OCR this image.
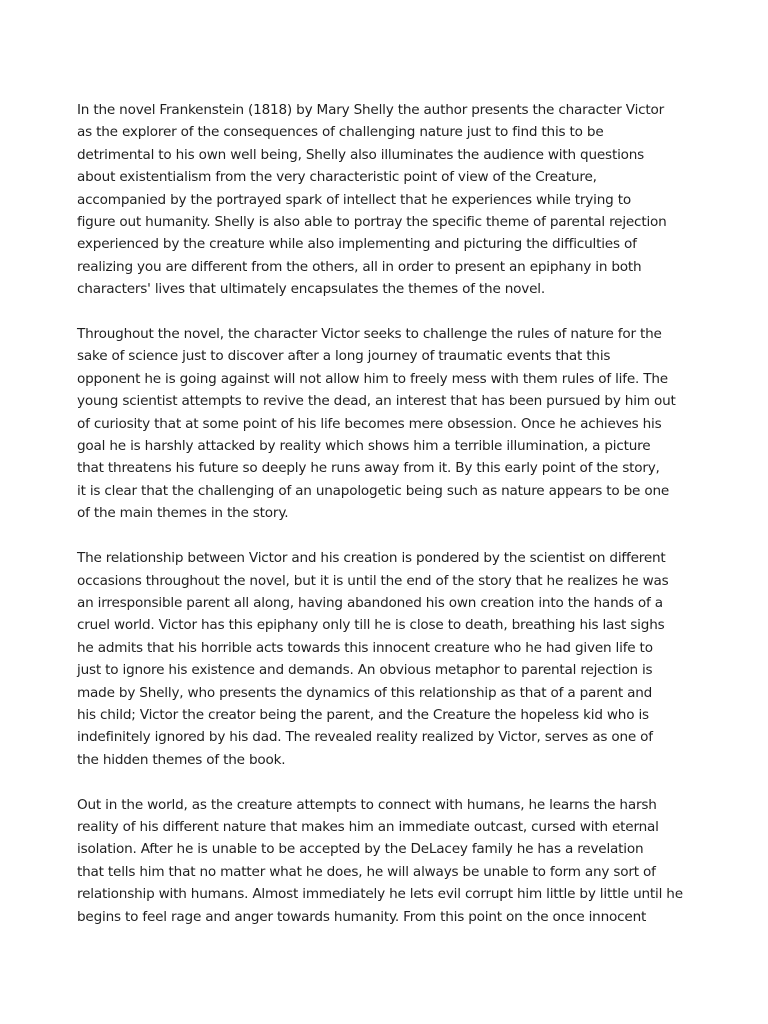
In the novel Frankenstein (1818) by Mary Shelly the author presents the character Victor
as the explorer of the consequences of challenging nature just to find this to be
detrimental to his own well being, Shelly also illuminates the audience with questions
about existentialism from the very characteristic point of view of the Creature,
accompanied by the portrayed spark of intellect that he experiences while trying to
figure out humanity. Shelly is also able to portray the specific theme of parental rejection
experienced by the creature while also implementing and picturing the difficulties of
realizing you are different from the others, all in order to present an epiphany in both
characters' lives that ultimately encapsulates the themes of the novel.

Throughout the novel, the character Victor seeks to challenge the rules of nature for the
sake of science just to discover after a long journey of traumatic events that this
opponent he is going against will not allow him to freely mess with them rules of life. The
young scientist attempts to revive the dead, an interest that has been pursued by him out
of curiosity that at some point of his life becomes mere obsession. Once he achieves his
goal he is harshly attacked by reality which shows him a terrible illumination, a picture
that threatens his future so deeply he runs away from it. By this early point of the story,
it is clear that the challenging of an unapologetic being such as nature appears to be one
of the main themes in the story.

The relationship between Victor and his creation is pondered by the scientist on different
occasions throughout the novel, but it is until the end of the story that he realizes he was
an irresponsible parent all along, having abandoned his own creation into the hands of a
cruel world. Victor has this epiphany only till he is close to death, breathing his last sighs
he admits that his horrible acts towards this innocent creature who he had given life to
just to ignore his existence and demands. An obvious metaphor to parental rejection is
made by Shelly, who presents the dynamics of this relationship as that of a parent and
his child; Victor the creator being the parent, and the Creature the hopeless kid who is
indefinitely ignored by his dad. The revealed reality realized by Victor, serves as one of
the hidden themes of the book.

Out in the world, as the creature attempts to connect with humans, he learns the harsh
reality of his different nature that makes him an immediate outcast, cursed with eternal
isolation. After he is unable to be accepted by the DeLacey family he has a revelation
that tells him that no matter what he does, he will always be unable to form any sort of
relationship with humans. Almost immediately he lets evil corrupt him little by little until he
begins to feel rage and anger towards humanity. From this point on the once innocent
